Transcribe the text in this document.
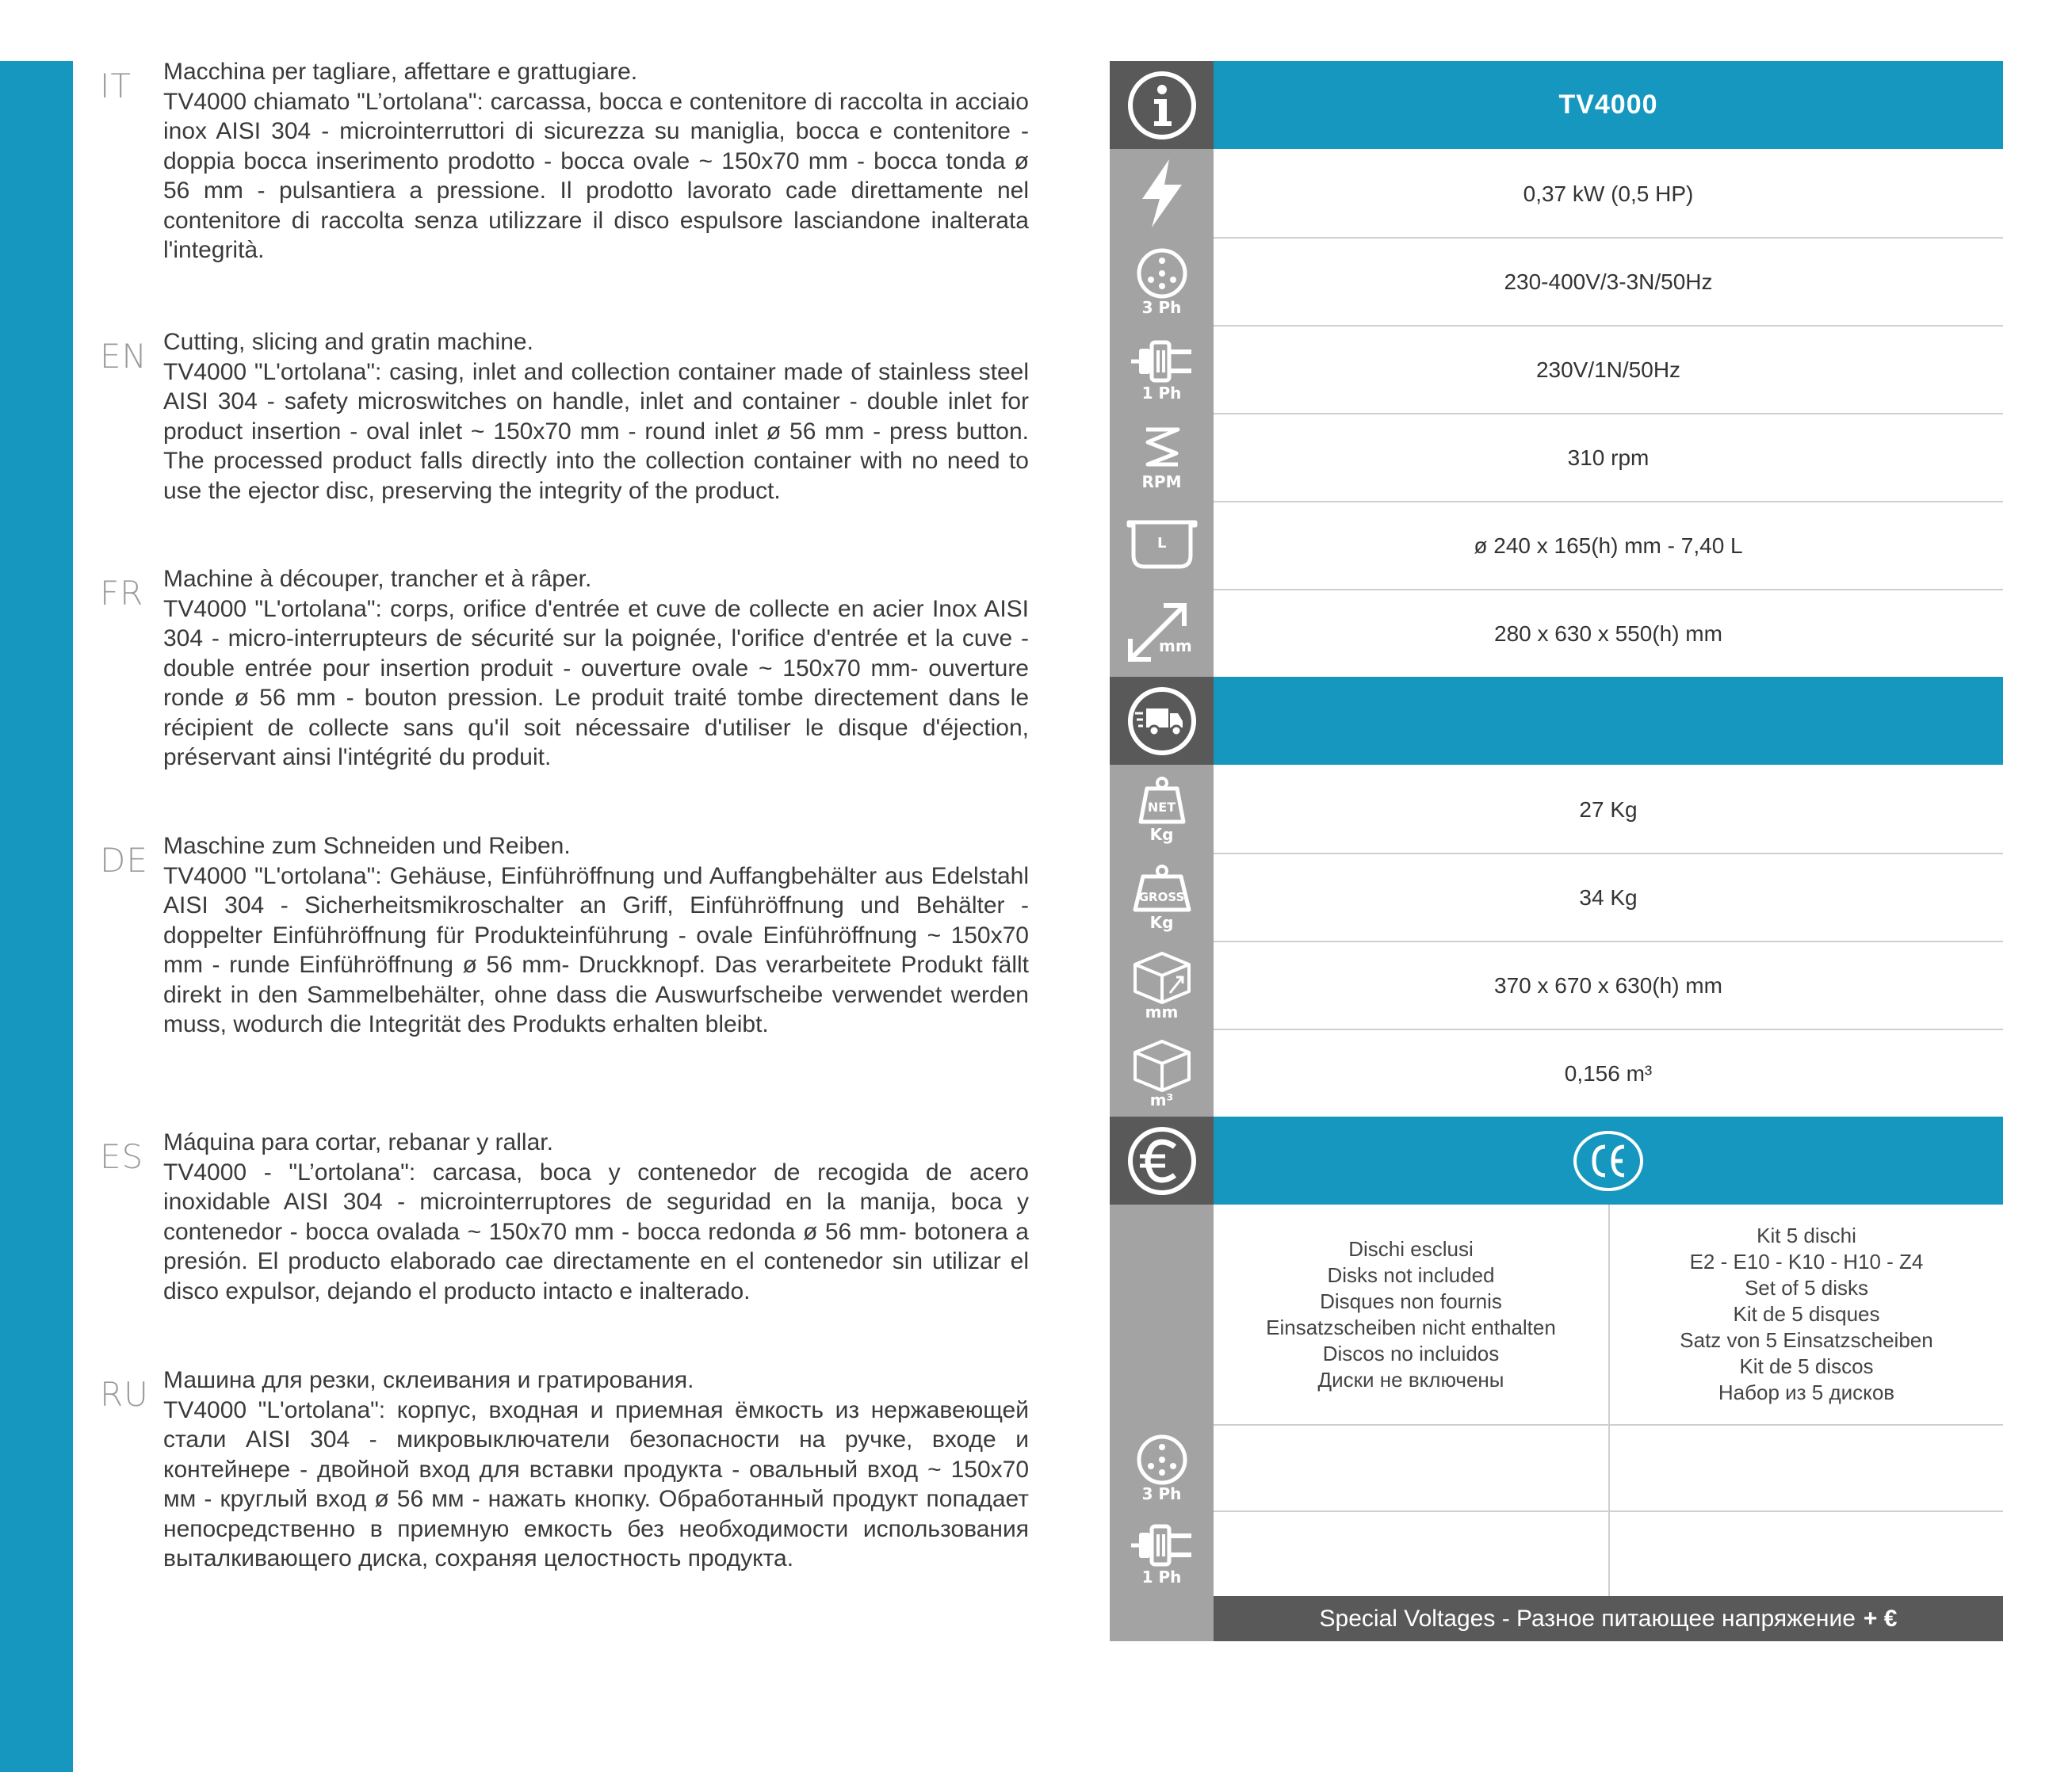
IT Macchina per tagliare, affettare e grattugiare.
TV4000 chiamato "L’ortolana": carcassa, bocca e contenitore di raccolta in acciaio inox AISI 304 - microinterruttori di sicurezza su maniglia, bocca e contenitore - doppia bocca inserimento prodotto - bocca ovale ~ 150x70 mm - bocca tonda ø 56 mm - pulsantiera a pressione. Il prodotto lavorato cade direttamente nel contenitore di raccolta senza utilizzare il disco espulsore lasciandone inalterata l'integrità.
EN Cutting, slicing and gratin machine.
TV4000 "L'ortolana": casing, inlet and collection container made of stainless steel AISI 304 - safety microswitches on handle, inlet and container - double inlet for product insertion - oval inlet ~ 150x70 mm - round inlet ø 56 mm - press button. The processed product falls directly into the collection container with no need to use the ejector disc, preserving the integrity of the product.
FR Machine à découper, trancher et à râper.
TV4000 "L'ortolana": corps, orifice d'entrée et cuve de collecte en acier Inox AISI 304 - micro-interrupteurs de sécurité sur la poignée, l'orifice d'entrée et la cuve - double entrée pour insertion produit - ouverture ovale ~ 150x70 mm- ouverture ronde ø 56 mm - bouton pression. Le produit traité tombe directement dans le récipient de collecte sans qu'il soit nécessaire d'utiliser le disque d'éjection, préservant ainsi l'intégrité du produit.
DE Maschine zum Schneiden und Reiben.
TV4000 "L'ortolana": Gehäuse, Einführöffnung und Auffangbehälter aus Edelstahl AISI 304 - Sicherheitsmikroschalter an Griff, Einführöffnung und Behälter - doppelter Einführöffnung für Produkteinführung - ovale Einführöffnung ~ 150x70 mm - runde Einführöffnung ø 56 mm- Druckknopf. Das verarbeitete Produkt fällt direkt in den Sammelbehälter, ohne dass die Auswurfscheibe verwendet werden muss, wodurch die Integrität des Produkts erhalten bleibt.
ES Máquina para cortar, rebanar y rallar.
TV4000 - "L’ortolana": carcasa, boca y contenedor de recogida de acero inoxidable AISI 304 - microinterruptores de seguridad en la manija, boca y contenedor - bocca ovalada ~ 150x70 mm - bocca redonda ø 56 mm- botonera a presión. El producto elaborado cae directamente en el contenedor sin utilizar el disco expulsor, dejando el producto intacto e inalterado.
RU Машина для резки, склеивания и гратирования.
TV4000 "L'ortolana": корпус, входная и приемная ёмкость из нержавеющей стали AISI 304 - микровыключатели безопасности на ручке, входе и контейнере - двойной вход для вставки продукта - овальный вход ~ 150x70 мм - круглый вход ø 56 мм - нажать кнопку. Обработанный продукт попадает непосредственно в приемную емкость без необходимости использования выталкивающего диска, сохраняя целостность продукта.
TV4000
0,37 kW (0,5 HP)
3 Ph
230-400V/3-3N/50Hz
1 Ph
230V/1N/50Hz
RPM
310 rpm
L	ø 240 x 165(h) mm - 7,40 L
mm
280 x 630 x 550(h) mm
NET
Kg
27 Kg
GROSS
Kg
34 Kg
mm
370 x 670 x 630(h) mm
m³
0,156 m³
Dischi esclusi
Disks not included
Disques non fournis
Einsatzscheiben nicht enthalten
Discos no incluidos
Диски не включены
Kit 5 dischi
E2 - E10 - K10 - H10 - Z4
Set of 5 disks
Kit de 5 disques
Satz von 5 Einsatzscheiben
Kit de 5 discos
Набор из 5 дисков
3 Ph
1 Ph
Special Voltages - Разное питающее напряжение + €
